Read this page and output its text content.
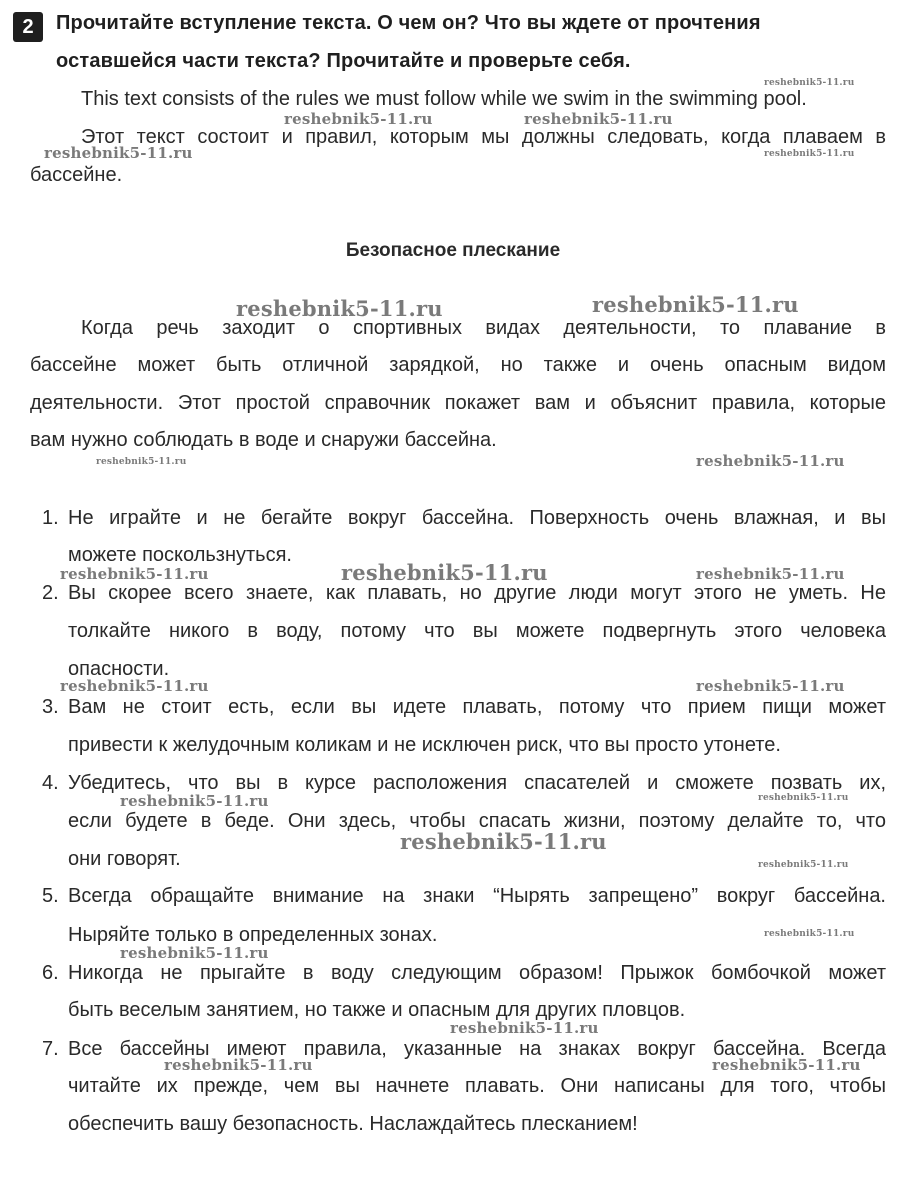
2	Прочитайте вступление текста. О чем он? Что вы ждете от прочтения
оставшейся части текста? Прочитайте и проверьте себя.
This text consists of the rules we must follow while we swim in the swimming pool.
Этот текст состоит и правил, которым мы должны следовать, когда плаваем в
бассейне.
Безопасное плескание
Когда речь заходит о спортивных видах деятельности, то плавание в
бассейне может быть отличной зарядкой, но также и очень опасным видом
деятельности. Этот простой справочник покажет вам и объяснит правила, которые
вам нужно соблюдать в воде и снаружи бассейна.
1. Не играйте и не бегайте вокруг бассейна. Поверхность очень влажная, и вы
можете поскользнуться.
2. Вы скорее всего знаете, как плавать, но другие люди могут этого не уметь. Не
толкайте никого в воду, потому что вы можете подвергнуть этого человека
опасности.
3. Вам не стоит есть, если вы идете плавать, потому что прием пищи может
привести к желудочным коликам и не исключен риск, что вы просто утонете.
4. Убедитесь, что вы в курсе расположения спасателей и сможете позвать их,
если будете в беде. Они здесь, чтобы спасать жизни, поэтому делайте то, что
они говорят.
5. Всегда обращайте внимание на знаки “Нырять запрещено” вокруг бассейна.
Ныряйте только в определенных зонах.
6. Никогда не прыгайте в воду следующим образом! Прыжок бомбочкой может
быть веселым занятием, но также и опасным для других пловцов.
7. Все бассейны имеют правила, указанные на знаках вокруг бассейна. Всегда
читайте их прежде, чем вы начнете плавать. Они написаны для того, чтобы
обеспечить вашу безопасность. Наслаждайтесь плесканием!
reshebnik5-11.ru
reshebnik5-11.ru	reshebnik5-11.ru
reshebnik5-11.ru	reshebnik5-11.ru
reshebnik5-11.ru	reshebnik5-11.ru
reshebnik5-11.ru	reshebnik5-11.ru
reshebnik5-11.ru	reshebnik5-11.ru	reshebnik5-11.ru
reshebnik5-11.ru	reshebnik5-11.ru
reshebnik5-11.ru	reshebnik5-11.ru
reshebnik5-11.ru
reshebnik5-11.ru
reshebnik5-11.ru
reshebnik5-11.ru
reshebnik5-11.ru
reshebnik5-11.ru	reshebnik5-11.ru
